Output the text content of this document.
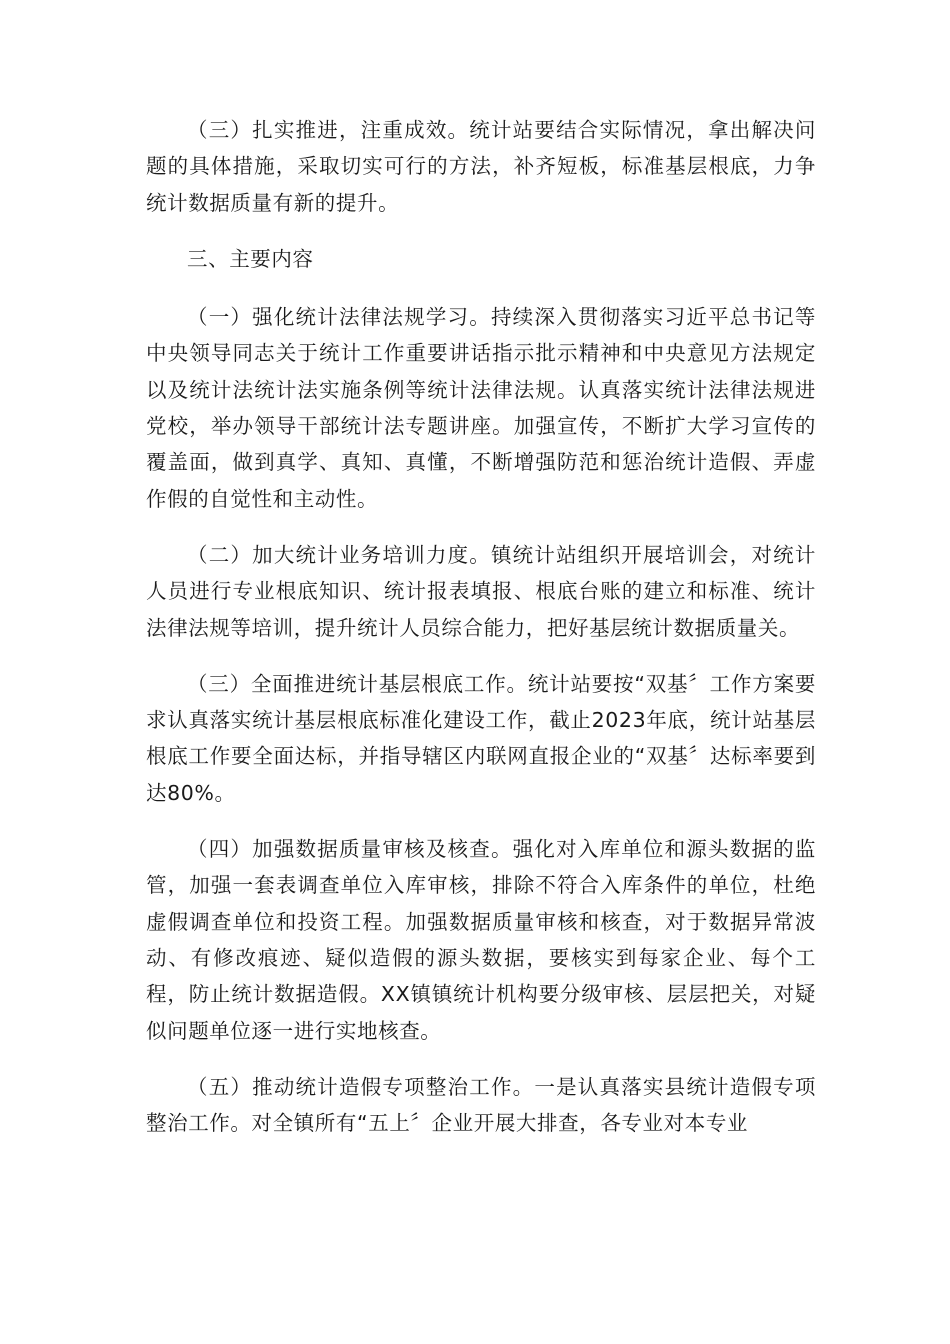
（三）扎实推进，注重成效。统计站要结合实际情况，拿出解决问题的具体措施，采取切实可行的方法，补齐短板，标准基层根底，力争统计数据质量有新的提升。

三、主要内容

（一）强化统计法律法规学习。持续深入贯彻落实习近平总书记等中央领导同志关于统计工作重要讲话指示批示精神和中央意见方法规定以及统计法统计法实施条例等统计法律法规。认真落实统计法律法规进党校，举办领导干部统计法专题讲座。加强宣传，不断扩大学习宣传的覆盖面，做到真学、真知、真懂，不断增强防范和惩治统计造假、弄虚作假的自觉性和主动性。

（二）加大统计业务培训力度。镇统计站组织开展培训会，对统计人员进行专业根底知识、统计报表填报、根底台账的建立和标准、统计法律法规等培训，提升统计人员综合能力，把好基层统计数据质量关。

（三）全面推进统计基层根底工作。统计站要按“双基〞工作方案要求认真落实统计基层根底标准化建设工作，截止2023年底，统计站基层根底工作要全面达标，并指导辖区内联网直报企业的“双基〞达标率要到达80%。

（四）加强数据质量审核及核查。强化对入库单位和源头数据的监管，加强一套表调查单位入库审核，排除不符合入库条件的单位，杜绝虚假调查单位和投资工程。加强数据质量审核和核查，对于数据异常波动、有修改痕迹、疑似造假的源头数据，要核实到每家企业、每个工程，防止统计数据造假。XX镇镇统计机构要分级审核、层层把关，对疑似问题单位逐一进行实地核查。

（五）推动统计造假专项整治工作。一是认真落实县统计造假专项整治工作。对全镇所有“五上〞企业开展大排查，各专业对本专业
